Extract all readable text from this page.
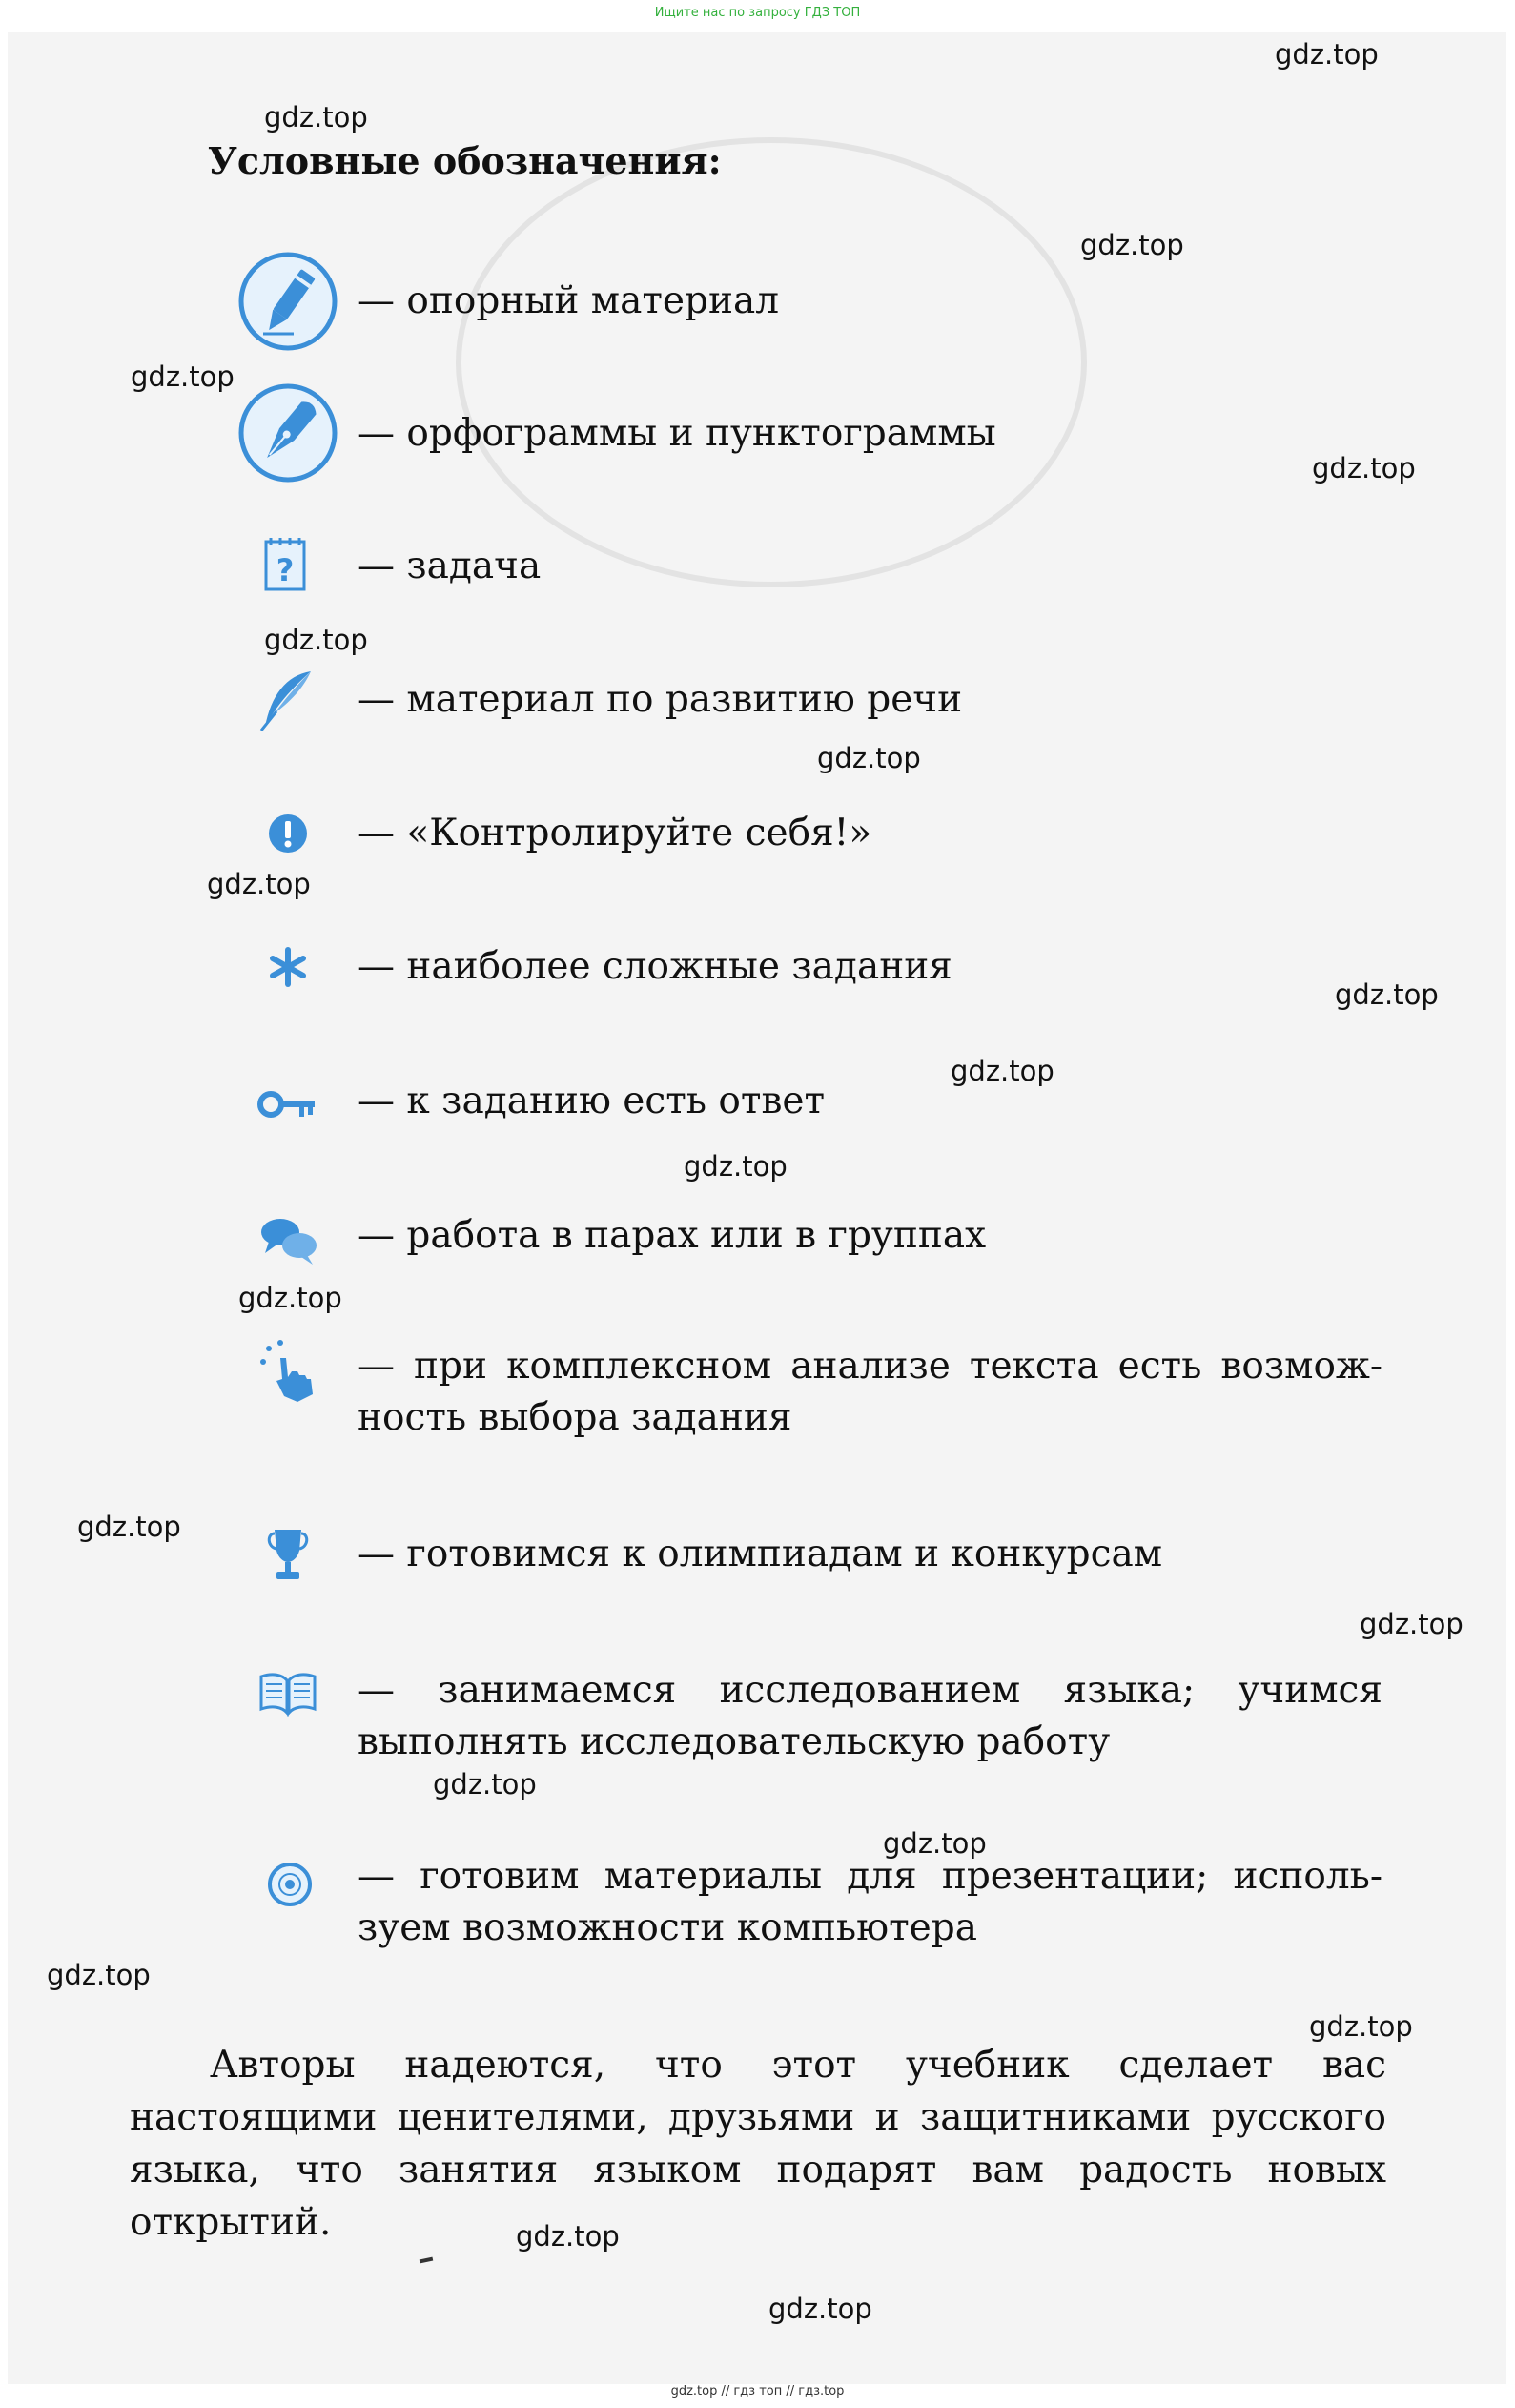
Ищите нас по запросу ГДЗ ТОП
gdz.top
gdz.top
gdz.top
gdz.top
gdz.top
gdz.top
gdz.top
gdz.top
gdz.top
gdz.top
gdz.top
gdz.top
gdz.top
gdz.top
gdz.top
gdz.top
gdz.top
gdz.top
gdz.top
gdz.top
Условные обозначения:
— опорный материал
— орфограммы и пунктограммы
? — задача
— материал по развитию речи
— «Контролируйте себя!»
— наиболее сложные задания
— к заданию есть ответ
— работа в парах или в группах
— при комплексном анализе текста есть возмож-ность выбора задания
— готовимся к олимпиадам и конкурсам
— занимаемся исследованием языка; учимся выполнять исследовательскую работу
— готовим материалы для презентации; исполь-зуем возможности компьютера
Авторы надеются, что этот учебник сделает вас настоящими ценителями, друзьями и защитниками русского языка, что занятия языком подарят вам радость новых открытий.
gdz.top // гдз топ // гдз.top
